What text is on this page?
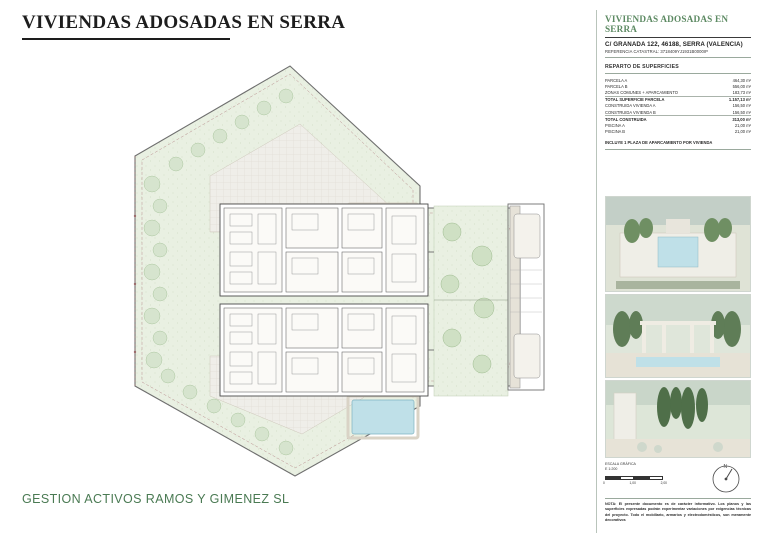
VIVIENDAS ADOSADAS EN SERRA
GESTION ACTIVOS RAMOS Y GIMENEZ SL
VIVIENDAS ADOSADAS EN SERRA
C/ GRANADA 122, 46188, SERRA (VALENCIA)
REFERENCIA CATASTRAL: 3718409YJ1931B0000IP
REPARTO DE SUPERFICIES
PARCELA A	464,30 m²
PARCELA B	556,00 m²
ZONAS COMUNES + APARCAMIENTO	183,73 m²
TOTAL SUPERFICIE PARCELA	1.157,13 m²
CONSTRUIDA VIVIENDA A	156,50 m²
CONSTRUIDA VIVIENDA B	156,50 m²
TOTAL CONSTRUIDA	313,00 m²
PISCINA A	21,00 m²
PISCINA B	21,00 m²
INCLUYE 1 PLAZA DE APARCAMIENTO POR VIVIENDA
ESCALA GRÁFICA
E 1:200
0	1,00	2,00
N
NOTA: El presente documento es de carácter informativo. Los planos y las superficies expresadas podrán experimentar variaciones por exigencias técnicas del proyecto. Todo el mobiliario, armarios y electrodomésticos, son meramente decorativos
